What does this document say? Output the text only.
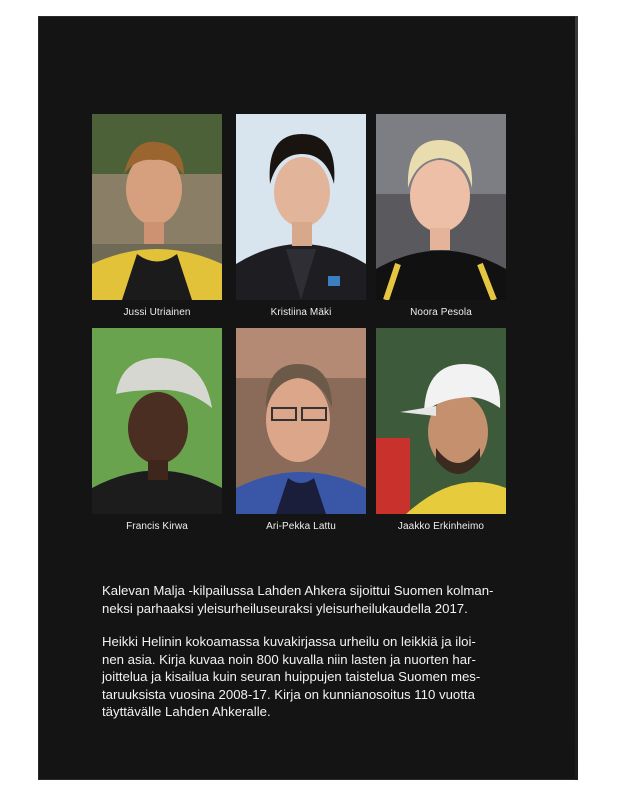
Jussi Utriainen	Kristiina Mäki	Noora Pesola
Francis Kirwa	Ari-Pekka Lattu	Jaakko Erkinheimo

Kalevan Malja -kilpailussa Lahden Ahkera sijoittui Suomen kolman-
neksi parhaaksi yleisurheiluseuraksi yleisurheilukaudella 2017.

Heikki Helinin kokoamassa kuvakirjassa urheilu on leikkiä ja iloi-
nen asia. Kirja kuvaa noin 800 kuvalla niin lasten ja nuorten har-
joittelua ja kisailua kuin seuran huippujen taistelua Suomen mes-
taruuksista vuosina 2008-17. Kirja on kunnianosoitus 110 vuotta
täyttävälle Lahden Ahkeralle.
